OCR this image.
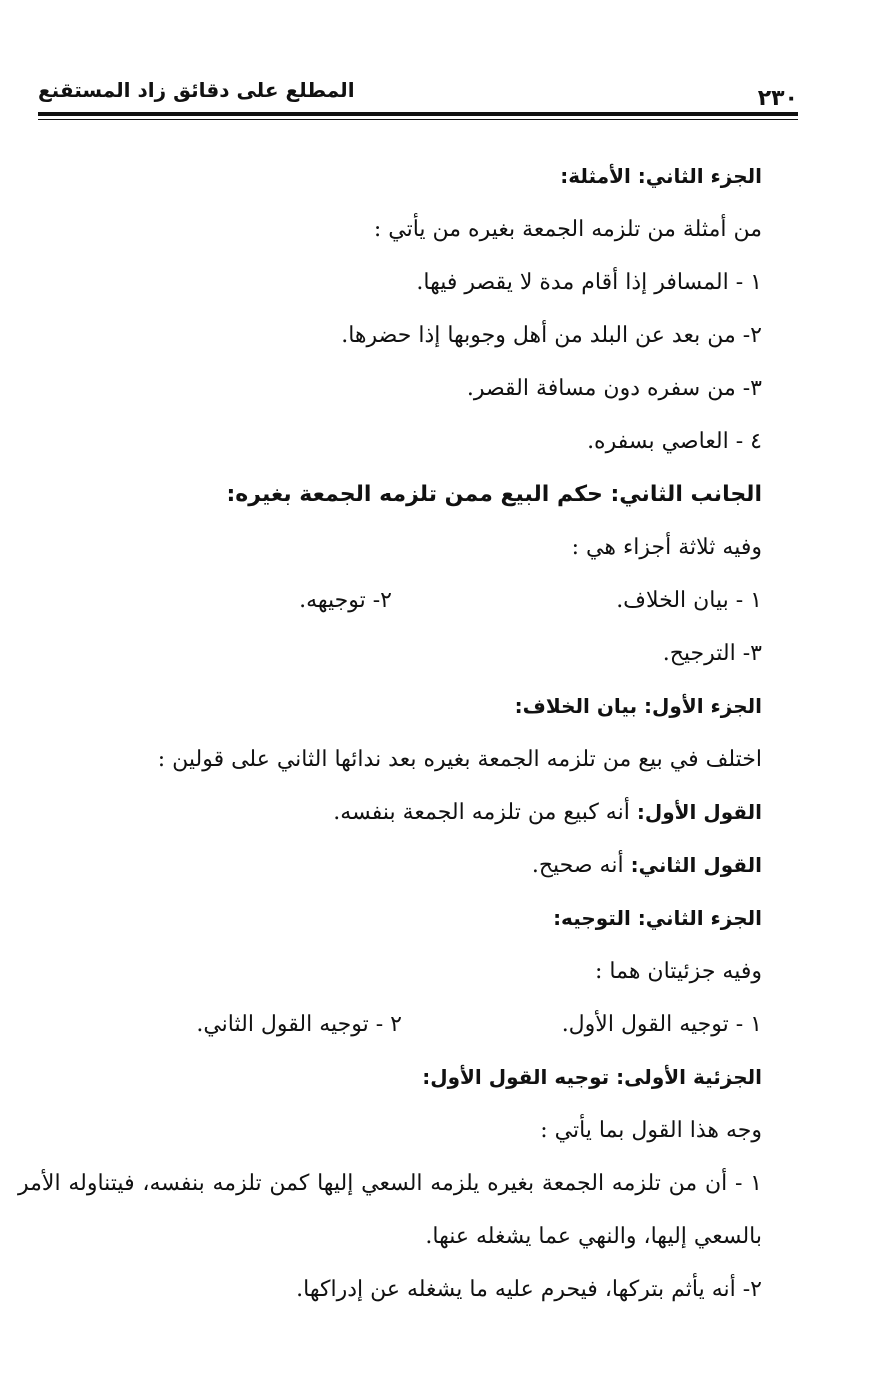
المطلع على دقائق زاد المستقنع	٢٣٠
الجزء الثاني: الأمثلة:
من أمثلة من تلزمه الجمعة بغيره من يأتي :
١ - المسافر إذا أقام مدة لا يقصر فيها.
٢- من بعد عن البلد من أهل وجوبها إذا حضرها.
٣- من سفره دون مسافة القصر.
٤ - العاصي بسفره.
الجانب الثاني: حكم البيع ممن تلزمه الجمعة بغيره:
وفيه ثلاثة أجزاء هي :
١ - بيان الخلاف.
٢- توجيهه.
٣- الترجيح.
الجزء الأول: بيان الخلاف:
اختلف في بيع من تلزمه الجمعة بغيره بعد ندائها الثاني على قولين :
القول الأول: أنه كبيع من تلزمه الجمعة بنفسه.
القول الثاني: أنه صحيح.
الجزء الثاني: التوجيه:
وفيه جزئيتان هما :
١ - توجيه القول الأول.
٢ - توجيه القول الثاني.
الجزئية الأولى: توجيه القول الأول:
وجه هذا القول بما يأتي :
١ - أن من تلزمه الجمعة بغيره يلزمه السعي إليها كمن تلزمه بنفسه، فيتناوله الأمر بالسعي إليها، والنهي عما يشغله عنها.
٢- أنه يأثم بتركها، فيحرم عليه ما يشغله عن إدراكها.
